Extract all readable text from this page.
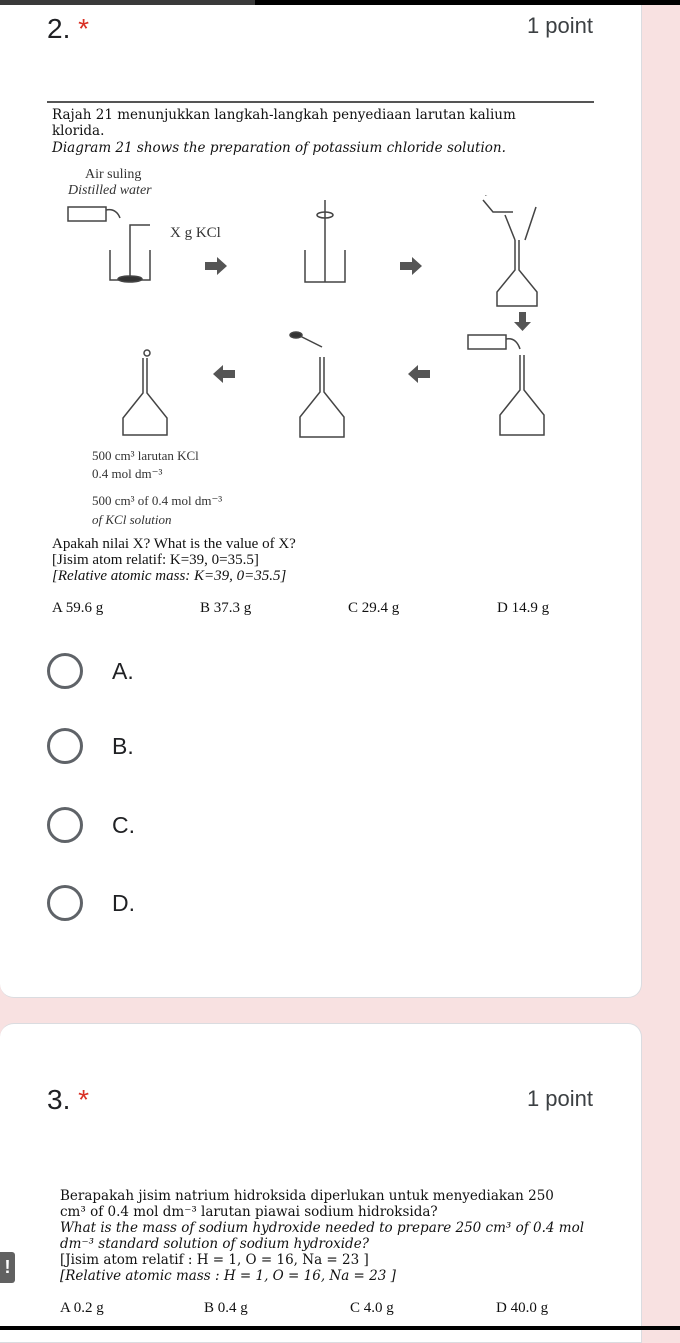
2. *	1 point
Rajah 21 menunjukkan langkah-langkah penyediaan larutan kalium
klorida.
Diagram 21 shows the preparation of potassium chloride solution.
Air suling
Distilled water
X g KCl
500 cm³ larutan KCl
0.4 mol dm⁻³
500 cm³ of 0.4 mol dm⁻³
of KCl solution
Apakah nilai X? What is the value of X?
[Jisim atom relatif: K=39, 0=35.5]
[Relative atomic mass: K=39, 0=35.5]
A 59.6 g	B 37.3 g	C 29.4 g	D 14.9 g
A.
B.
C.
D.
3. *	1 point
Berapakah jisim natrium hidroksida diperlukan untuk menyediakan 250
cm³ of 0.4 mol dm⁻³ larutan piawai sodium hidroksida?
What is the mass of sodium hydroxide needed to prepare 250 cm³ of 0.4 mol
dm⁻³ standard solution of sodium hydroxide?
[Jisim atom relatif : H = 1, O = 16, Na = 23 ]
[Relative atomic mass : H = 1, O = 16, Na = 23 ]
A 0.2 g	B 0.4 g	C 4.0 g	D 40.0 g
!
